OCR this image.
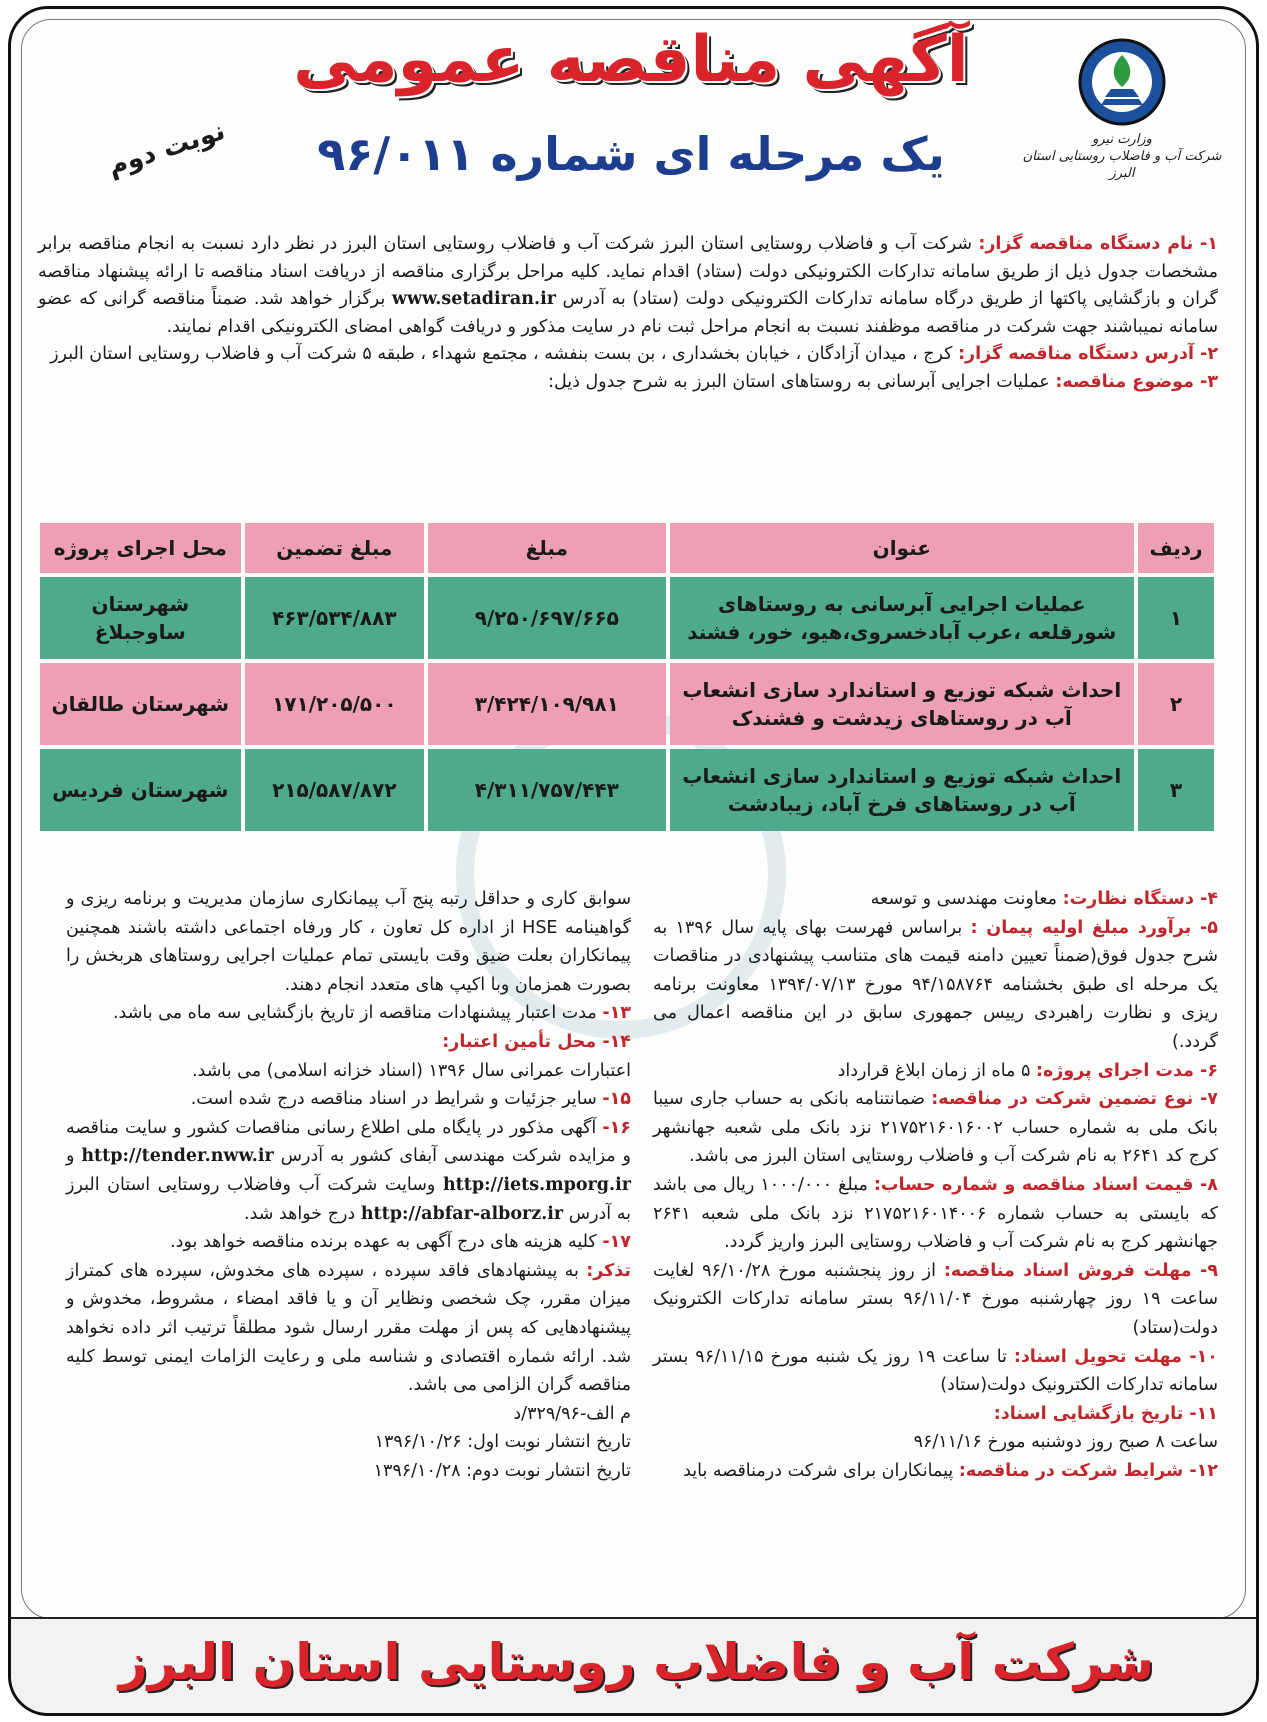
وزارت نیرو
شرکت آب و فاضلاب روستایی استان البرز
آگهی مناقصه عمومی
یک مرحله ای شماره ۹۶/۰۱۱
نوبت دوم

۱- نام دستگاه مناقصه گزار: شرکت آب و فاضلاب روستایی استان البرز شرکت آب و فاضلاب روستایی استان البرز در نظر دارد نسبت به انجام مناقصه برابر مشخصات جدول ذیل از طریق سامانه تدارکات الکترونیکی دولت (ستاد) اقدام نماید. کلیه مراحل برگزاری مناقصه از دریافت اسناد مناقصه تا ارائه پیشنهاد مناقصه گران و بازگشایی پاکتها از طریق درگاه سامانه تدارکات الکترونیکی دولت (ستاد) به آدرس www.setadiran.ir برگزار خواهد شد. ضمناً مناقصه گرانی که عضو سامانه نمیباشند جهت شرکت در مناقصه موظفند نسبت به انجام مراحل ثبت نام در سایت مذکور و دریافت گواهی امضای الکترونیکی اقدام نمایند.

۲- آدرس دستگاه مناقصه گزار: کرج ، میدان آزادگان ، خیابان بخشداری ، بن بست بنفشه ، مجتمع شهداء ، طبقه ۵ شرکت آب و فاضلاب روستایی استان البرز

۳- موضوع مناقصه: عملیات اجرایی آبرسانی به روستاهای استان البرز به شرح جدول ذیل:

ردیف	عنوان	مبلغ	مبلغ تضمین	محل اجرای پروژه
۱	عملیات اجرایی آبرسانی به روستاهای شورقلعه ،عرب آبادخسروی،هیو، خور، فشند	۹/۲۵۰/۶۹۷/۶۶۵	۴۶۳/۵۳۴/۸۸۳	شهرستان ساوجبلاغ
۲	احداث شبکه توزیع و استاندارد سازی انشعاب آب در روستاهای زیدشت و فشندک	۳/۴۲۴/۱۰۹/۹۸۱	۱۷۱/۲۰۵/۵۰۰	شهرستان طالقان
۳	احداث شبکه توزیع و استاندارد سازی انشعاب آب در روستاهای فرخ آباد، زیبادشت	۴/۳۱۱/۷۵۷/۴۴۳	۲۱۵/۵۸۷/۸۷۲	شهرستان فردیس

۴- دستگاه نظارت: معاونت مهندسی و توسعه

۵- برآورد مبلغ اولیه پیمان : براساس فهرست بهای پایه سال ۱۳۹۶ به شرح جدول فوق(ضمناً تعیین دامنه قیمت های متناسب پیشنهادی در مناقصات یک مرحله ای طبق بخشنامه ۹۴/۱۵۸۷۶۴ مورخ ۱۳۹۴/۰۷/۱۳ معاونت برنامه ریزی و نظارت راهبردی رییس جمهوری سابق در این مناقصه اعمال می گردد.)

۶- مدت اجرای پروژه: ۵ ماه از زمان ابلاغ قرارداد

۷- نوع تضمین شرکت در مناقصه: ضمانتنامه بانکی به حساب جاری سیبا بانک ملی به شماره حساب ۲۱۷۵۲۱۶۰۱۶۰۰۲ نزد بانک ملی شعبه جهانشهر کرج کد ۲۶۴۱ به نام شرکت آب و فاضلاب روستایی استان البرز می باشد.

۸- قیمت اسناد مناقصه و شماره حساب: مبلغ ۱۰۰۰/۰۰۰ ریال می باشد که بایستی به حساب شماره ۲۱۷۵۲۱۶۰۱۴۰۰۶ نزد بانک ملی شعبه ۲۶۴۱ جهانشهر کرج به نام شرکت آب و فاضلاب روستایی البرز واریز گردد.

۹- مهلت فروش اسناد مناقصه: از روز پنجشنبه مورخ ۹۶/۱۰/۲۸ لغایت ساعت ۱۹ روز چهارشنبه مورخ ۹۶/۱۱/۰۴ بستر سامانه تدارکات الکترونیک دولت(ستاد)

۱۰- مهلت تحویل اسناد: تا ساعت ۱۹ روز یک شنبه مورخ ۹۶/۱۱/۱۵ بستر سامانه تدارکات الکترونیک دولت(ستاد)

۱۱- تاریخ بازگشایی اسناد:
ساعت ۸ صبح روز دوشنبه مورخ ۹۶/۱۱/۱۶

۱۲- شرایط شرکت در مناقصه: پیمانکاران برای شرکت درمناقصه باید

سوابق کاری و حداقل رتبه پنج آب پیمانکاری سازمان مدیریت و برنامه ریزی و گواهینامه HSE از اداره کل تعاون ، کار ورفاه اجتماعی داشته باشند همچنین پیمانکاران بعلت ضیق وقت بایستی تمام عملیات اجرایی روستاهای هربخش را بصورت همزمان وبا اکیپ های متعدد انجام دهند.

۱۳- مدت اعتبار پیشنهادات مناقصه از تاریخ بازگشایی سه ماه می باشد.

۱۴- محل تأمین اعتبار:
اعتبارات عمرانی سال ۱۳۹۶ (اسناد خزانه اسلامی) می باشد.

۱۵- سایر جزئیات و شرایط در اسناد مناقصه درج شده است.

۱۶- آگهی مذکور در پایگاه ملی اطلاع رسانی مناقصات کشور و سایت مناقصه و مزایده شرکت مهندسی آبفای کشور به آدرس http://tender.nww.ir و http://iets.mporg.ir وسایت شرکت آب وفاضلاب روستایی استان البرز به آدرس http://abfar-alborz.ir درج خواهد شد.

۱۷- کلیه هزینه های درج آگهی به عهده برنده مناقصه خواهد بود.

تذکر: به پیشنهادهای فاقد سپرده ، سپرده های مخدوش، سپرده های کمتراز میزان مقرر، چک شخصی ونظایر آن و یا فاقد امضاء ، مشروط، مخدوش و پیشنهادهایی که پس از مهلت مقرر ارسال شود مطلقاً ترتیب اثر داده نخواهد شد. ارائه شماره اقتصادی و شناسه ملی و رعایت الزامات ایمنی توسط کلیه مناقصه گران الزامی می باشد.

م الف-۳۲۹/۹۶/د

تاریخ انتشار نوبت اول: ۱۳۹۶/۱۰/۲۶

تاریخ انتشار نوبت دوم: ۱۳۹۶/۱۰/۲۸

شرکت آب و فاضلاب روستایی استان البرز
